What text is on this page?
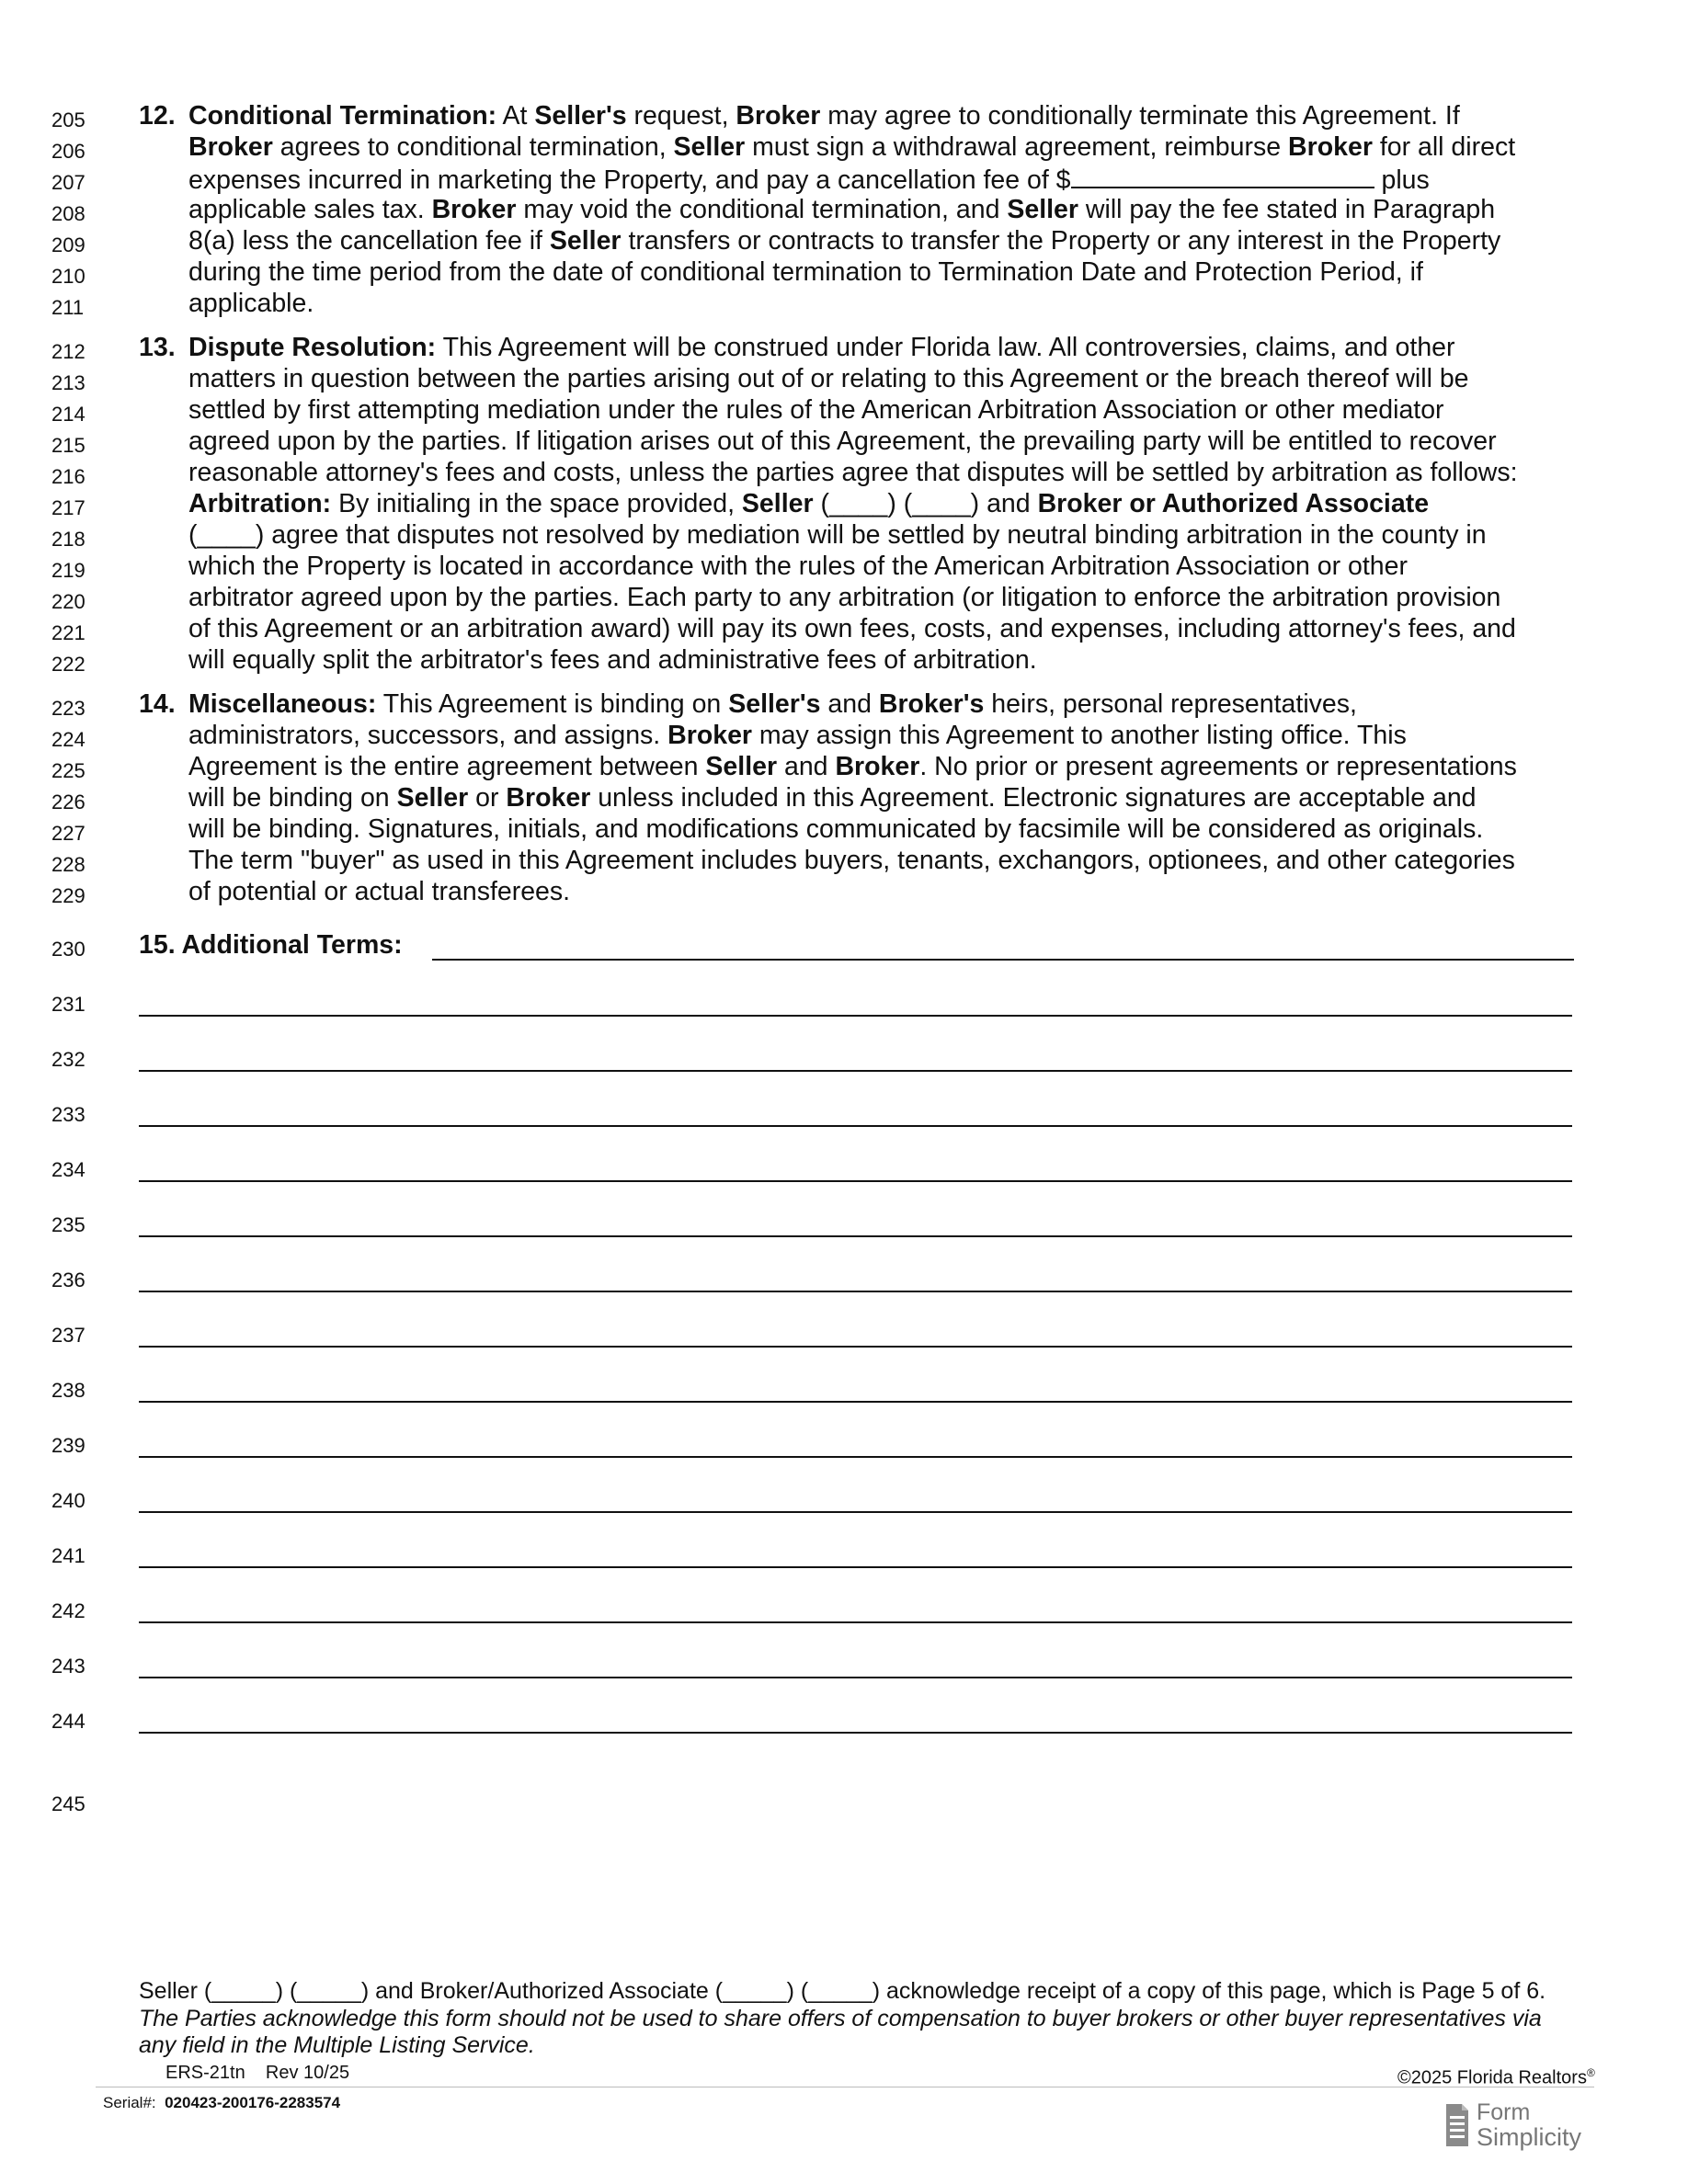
205	12. Conditional Termination: At Seller's request, Broker may agree to conditionally terminate this Agreement. If
206	Broker agrees to conditional termination, Seller must sign a withdrawal agreement, reimburse Broker for all direct
207	expenses incurred in marketing the Property, and pay a cancellation fee of $	plus
208	applicable sales tax. Broker may void the conditional termination, and Seller will pay the fee stated in Paragraph
209	8(a) less the cancellation fee if Seller transfers or contracts to transfer the Property or any interest in the Property
210	during the time period from the date of conditional termination to Termination Date and Protection Period, if
211	applicable.
212	13. Dispute Resolution: This Agreement will be construed under Florida law. All controversies, claims, and other
213	matters in question between the parties arising out of or relating to this Agreement or the breach thereof will be
214	settled by first attempting mediation under the rules of the American Arbitration Association or other mediator
215	agreed upon by the parties. If litigation arises out of this Agreement, the prevailing party will be entitled to recover
216	reasonable attorney's fees and costs, unless the parties agree that disputes will be settled by arbitration as follows:
217	Arbitration: By initialing in the space provided, Seller (____) (____) and Broker or Authorized Associate
218	(____) agree that disputes not resolved by mediation will be settled by neutral binding arbitration in the county in
219	which the Property is located in accordance with the rules of the American Arbitration Association or other
220	arbitrator agreed upon by the parties. Each party to any arbitration (or litigation to enforce the arbitration provision
221	of this Agreement or an arbitration award) will pay its own fees, costs, and expenses, including attorney's fees, and
222	will equally split the arbitrator's fees and administrative fees of arbitration.
223	14. Miscellaneous: This Agreement is binding on Seller's and Broker's heirs, personal representatives,
224	administrators, successors, and assigns. Broker may assign this Agreement to another listing office. This
225	Agreement is the entire agreement between Seller and Broker. No prior or present agreements or representations
226	will be binding on Seller or Broker unless included in this Agreement. Electronic signatures are acceptable and
227	will be binding. Signatures, initials, and modifications communicated by facsimile will be considered as originals.
228	The term "buyer" as used in this Agreement includes buyers, tenants, exchangors, optionees, and other categories
229	of potential or actual transferees.
230	15. Additional Terms:
231
232
233
234
235
236
237
238
239
240
241
242
243
244
245
Seller (_____) (_____) and Broker/Authorized Associate (_____) (_____) acknowledge receipt of a copy of this page, which is Page 5 of 6.
The Parties acknowledge this form should not be used to share offers of compensation to buyer brokers or other buyer representatives via
any field in the Multiple Listing Service.
ERS-21tn    Rev 10/25	©2025 Florida Realtors®
Serial#: 020423-200176-2283574	Form
Simplicity
